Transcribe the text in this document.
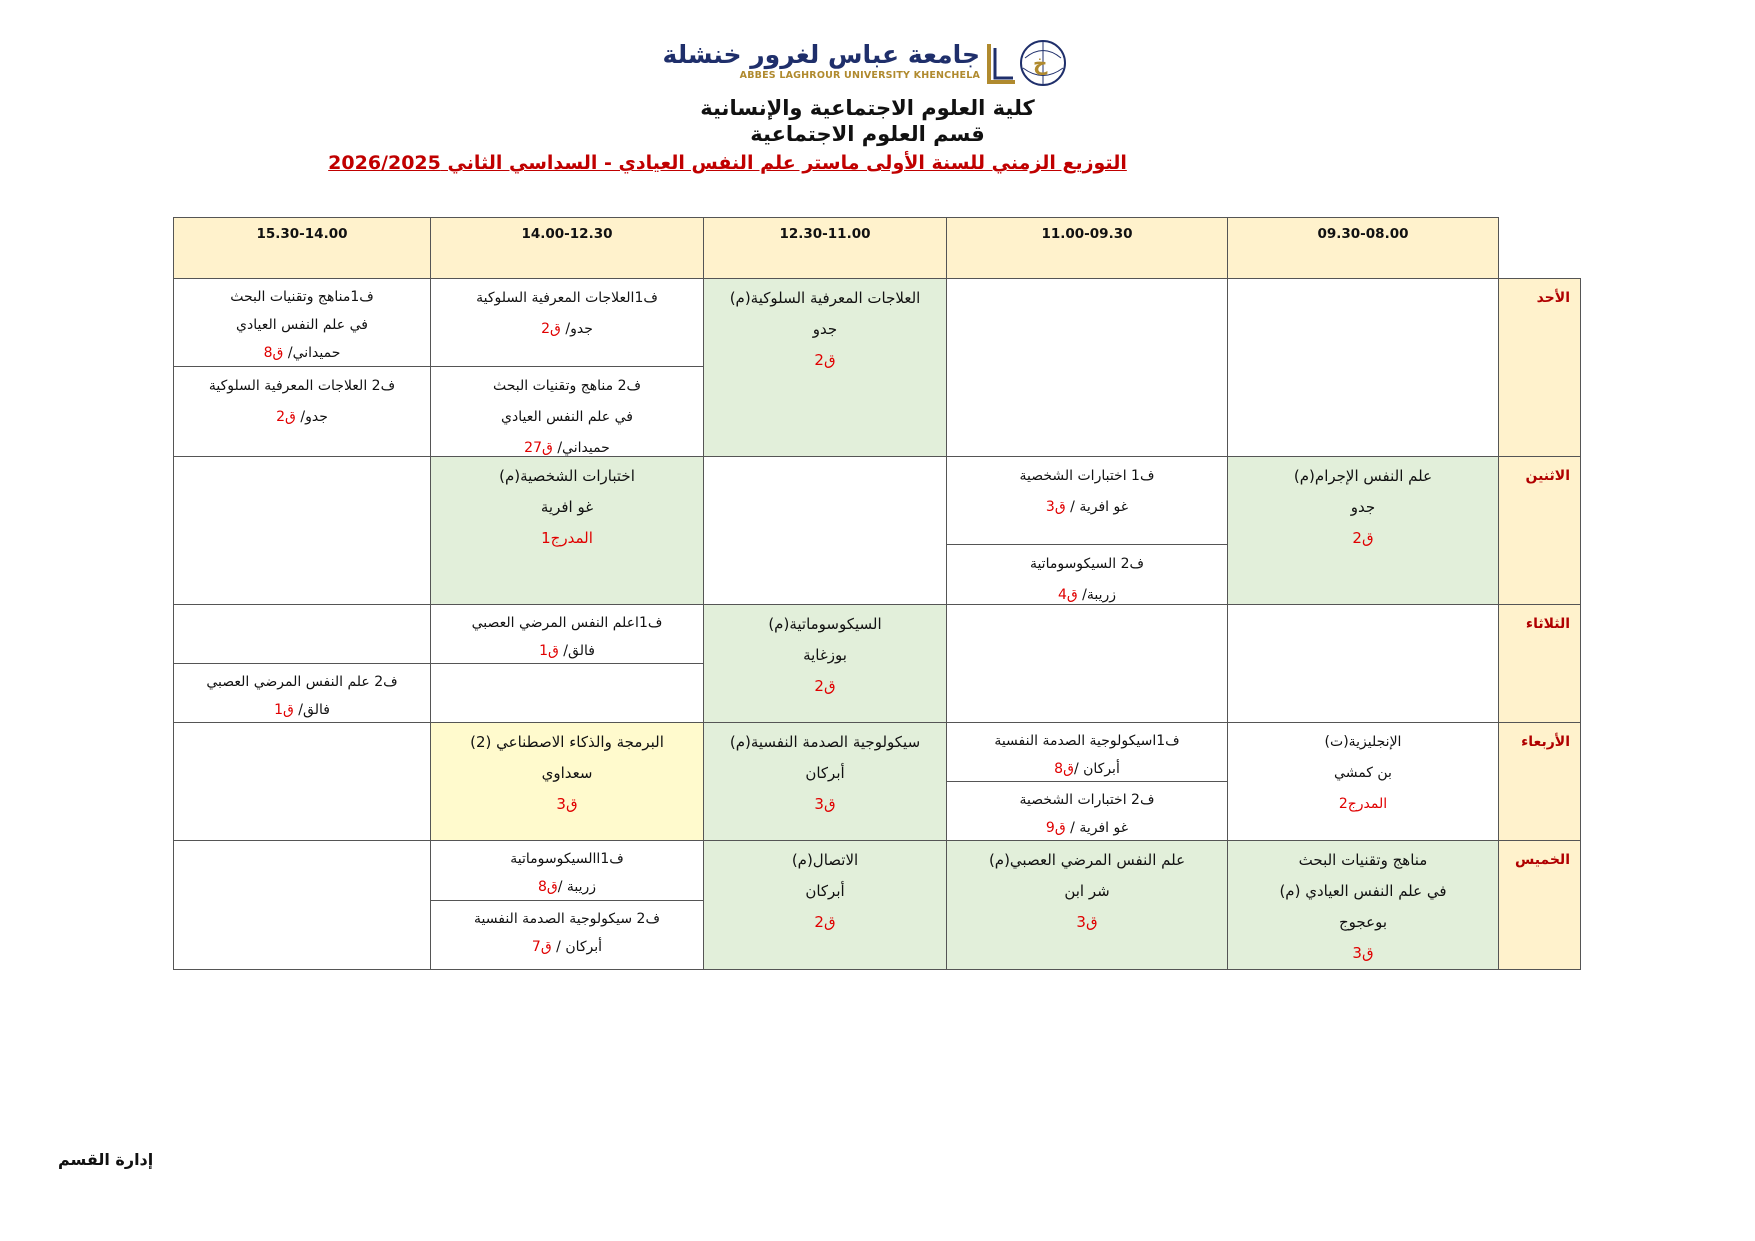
جامعة عباس لغرور خنشلة
ABBES LAGHROUR UNIVERSITY KHENCHELA
خ
كلية العلوم الاجتماعية والإنسانية
قسم العلوم الاجتماعية
التوزيع الزمني للسنة الأولى ماستر علم النفس العيادي - السداسي الثاني 2026/2025
09.30-08.00
11.00-09.30
12.30-11.00
14.00-12.30
15.30-14.00
الأحد
الاثنين
الثلاثاء
الأربعاء
الخميس
العلاجات المعرفية السلوكية(م)
جدو
ق2
ف1العلاجات المعرفية السلوكية
جدو/ ق2
ف2 مناهج وتقنيات البحث
في علم النفس العيادي
حميداني/ ق27
ف1مناهج وتقنيات البحث
في علم النفس العيادي
حميداني/ ق8
ف2 العلاجات المعرفية السلوكية
جدو/ ق2
علم النفس الإجرام(م)
جدو
ق2
ف1 اختبارات الشخصية
غو افرية / ق3
ف2 السيكوسوماتية
زريبة/ ق4
اختبارات الشخصية(م)
غو افرية
المدرج1
السيكوسوماتية(م)
بوزغاية
ق2
ف1اعلم النفس المرضي العصبي
فالق/ ق1
ف2 علم النفس المرضي العصبي
فالق/ ق1
الإنجليزية(ت)
بن كمشي
المدرج2
ف1اسيكولوجية الصدمة النفسية
أبركان /ق8
ف2 اختبارات الشخصية
غو افرية / ق9
سيكولوجية الصدمة النفسية(م)
أبركان
ق3
البرمجة والذكاء الاصطناعي (2)
سعداوي
ق3
مناهج وتقنيات البحث
في علم النفس العيادي (م)
بوعجوج
ق3
علم النفس المرضي العصبي(م)
شر ابن
ق3
الاتصال(م)
أبركان
ق2
ف1االسيكوسوماتية
زريبة /ق8
ف2 سيكولوجية الصدمة النفسية
أبركان / ق7
إدارة القسم
